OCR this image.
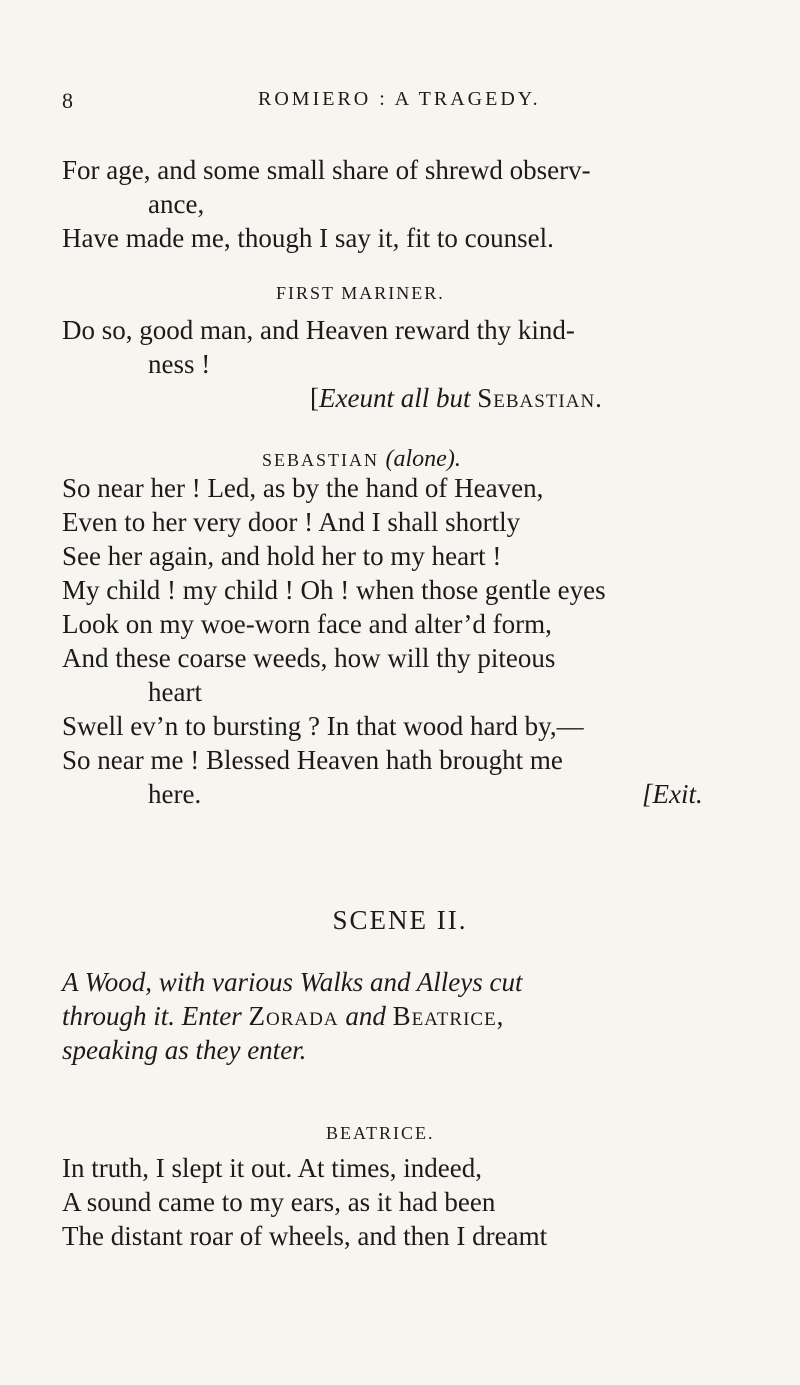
8	ROMIERO : A TRAGEDY.
For age, and some small share of shrewd observ-
ance,
Have made me, though I say it, fit to counsel.
FIRST MARINER.
Do so, good man, and Heaven reward thy kind-
ness !
[Exeunt all but Sebastian.
SEBASTIAN (alone).
So near her ! Led, as by the hand of Heaven,
Even to her very door ! And I shall shortly
See her again, and hold her to my heart !
My child ! my child ! Oh ! when those gentle eyes
Look on my woe-worn face and alter’d form,
And these coarse weeds, how will thy piteous
heart
Swell ev’n to bursting ? In that wood hard by,—
So near me ! Blessed Heaven hath brought me
here.	[Exit.
SCENE II.
A Wood, with various Walks and Alleys cut
through it. Enter Zorada and Beatrice,
speaking as they enter.
BEATRICE.
In truth, I slept it out. At times, indeed,
A sound came to my ears, as it had been
The distant roar of wheels, and then I dreamt
